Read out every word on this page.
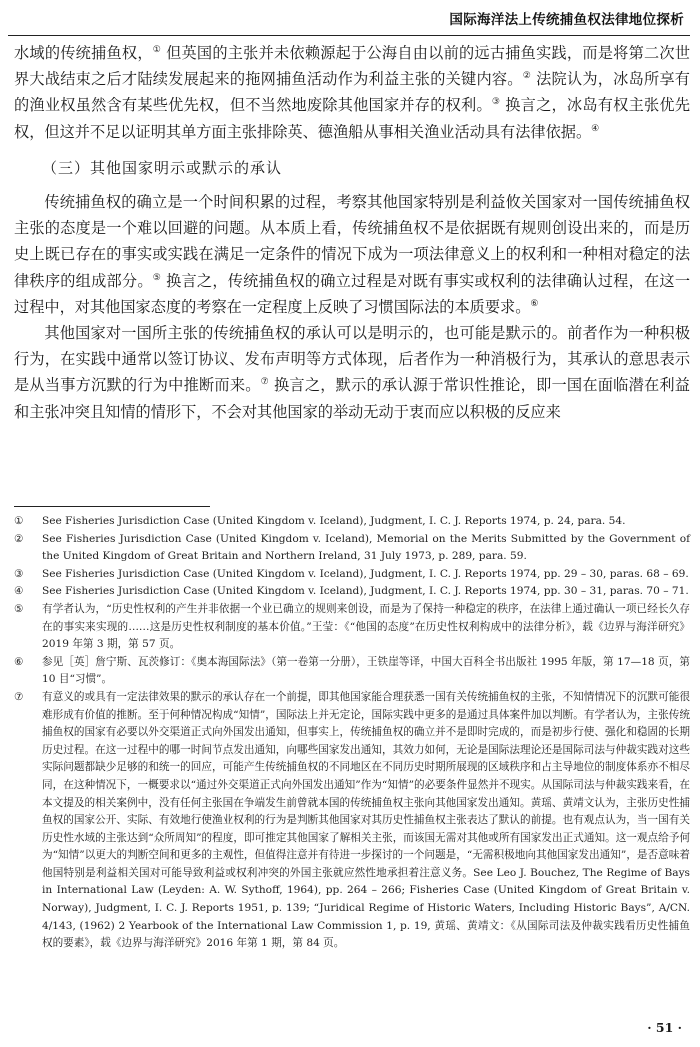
国际海洋法上传统捕鱼权法律地位探析

水域的传统捕鱼权，① 但英国的主张并未依赖源起于公海自由以前的远古捕鱼实践，而是将第二次世界大战结束之后才陆续发展起来的拖网捕鱼活动作为利益主张的关键内容。② 法院认为，冰岛所享有的渔业权虽然含有某些优先权，但不当然地废除其他国家并存的权利。③ 换言之，冰岛有权主张优先权，但这并不足以证明其单方面主张排除英、德渔船从事相关渔业活动具有法律依据。④

（三）其他国家明示或默示的承认

传统捕鱼权的确立是一个时间积累的过程，考察其他国家特别是利益攸关国家对一国传统捕鱼权主张的态度是一个难以回避的问题。从本质上看，传统捕鱼权不是依据既有规则创设出来的，而是历史上既已存在的事实或实践在满足一定条件的情况下成为一项法律意义上的权利和一种相对稳定的法律秩序的组成部分。⑤ 换言之，传统捕鱼权的确立过程是对既有事实或权利的法律确认过程，在这一过程中，对其他国家态度的考察在一定程度上反映了习惯国际法的本质要求。⑥

其他国家对一国所主张的传统捕鱼权的承认可以是明示的，也可能是默示的。前者作为一种积极行为，在实践中通常以签订协议、发布声明等方式体现，后者作为一种消极行为，其承认的意思表示是从当事方沉默的行为中推断而来。⑦ 换言之，默示的承认源于常识性推论，即一国在面临潜在利益和主张冲突且知情的情形下，不会对其他国家的举动无动于衷而应以积极的反应来

①	See Fisheries Jurisdiction Case (United Kingdom v. Iceland), Judgment, I. C. J. Reports 1974, p. 24, para. 54.
②	See Fisheries Jurisdiction Case (United Kingdom v. Iceland), Memorial on the Merits Submitted by the Government of the United Kingdom of Great Britain and Northern Ireland, 31 July 1973, p. 289, para. 59.
③	See Fisheries Jurisdiction Case (United Kingdom v. Iceland), Judgment, I. C. J. Reports 1974, pp. 29 – 30, paras. 68 – 69.
④	See Fisheries Jurisdiction Case (United Kingdom v. Iceland), Judgment, I. C. J. Reports 1974, pp. 30 – 31, paras. 70 – 71.
⑤	有学者认为，“历史性权利的产生并非依据一个业已确立的规则来创设，而是为了保持一种稳定的秩序，在法律上通过确认一项已经长久存在的事实来实现的……这是历史性权利制度的基本价值。”王莹：《“他国的态度”在历史性权利构成中的法律分析》，载《边界与海洋研究》2019 年第 3 期，第 57 页。
⑥	参见［英］詹宁斯、瓦茨修订：《奥本海国际法》（第一卷第一分册），王铁崖等译，中国大百科全书出版社 1995 年版，第 17—18 页，第 10 目“习惯”。
⑦	有意义的或具有一定法律效果的默示的承认存在一个前提，即其他国家能合理获悉一国有关传统捕鱼权的主张，不知情情况下的沉默可能很难形成有价值的推断。至于何种情况构成“知情”，国际法上并无定论，国际实践中更多的是通过具体案件加以判断。有学者认为，主张传统捕鱼权的国家有必要以外交渠道正式向外国发出通知，但事实上，传统捕鱼权的确立并不是即时完成的，而是初步行使、强化和稳固的长期历史过程。在这一过程中的哪一时间节点发出通知，向哪些国家发出通知，其效力如何，无论是国际法理论还是国际司法与仲裁实践对这些实际问题都缺少足够的和统一的回应，可能产生传统捕鱼权的不同地区在不同历史时期所展现的区域秩序和占主导地位的制度体系亦不相尽同，在这种情况下，一概要求以“通过外交渠道正式向外国发出通知”作为“知情”的必要条件显然并不现实。从国际司法与仲裁实践来看，在本文提及的相关案例中，没有任何主张国在争端发生前曾就本国的传统捕鱼权主张向其他国家发出通知。黄瑶、黄靖文认为，主张历史性捕鱼权的国家公开、实际、有效地行使渔业权利的行为是判断其他国家对其历史性捕鱼权主张表达了默认的前提。也有观点认为，当一国有关历史性水域的主张达到“众所周知”的程度，即可推定其他国家了解相关主张，而该国无需对其他或所有国家发出正式通知。这一观点给予何为“知情”以更大的判断空间和更多的主观性，但值得注意并有待进一步探讨的一个问题是，“无需积极地向其他国家发出通知”，是否意味着他国特别是利益相关国对可能导致利益或权利冲突的外国主张就应然性地承担着注意义务。See Leo J. Bouchez, The Regime of Bays in International Law (Leyden: A. W. Sythoff, 1964), pp. 264 – 266; Fisheries Case (United Kingdom of Great Britain v. Norway), Judgment, I. C. J. Reports 1951, p. 139; “Juridical Regime of Historic Waters, Including Historic Bays”, A/CN. 4/143, (1962) 2 Yearbook of the International Law Commission 1, p. 19, 黄瑶、黄靖文：《从国际司法及仲裁实践看历史性捕鱼权的要素》，载《边界与海洋研究》2016 年第 1 期，第 84 页。
· 51 ·
